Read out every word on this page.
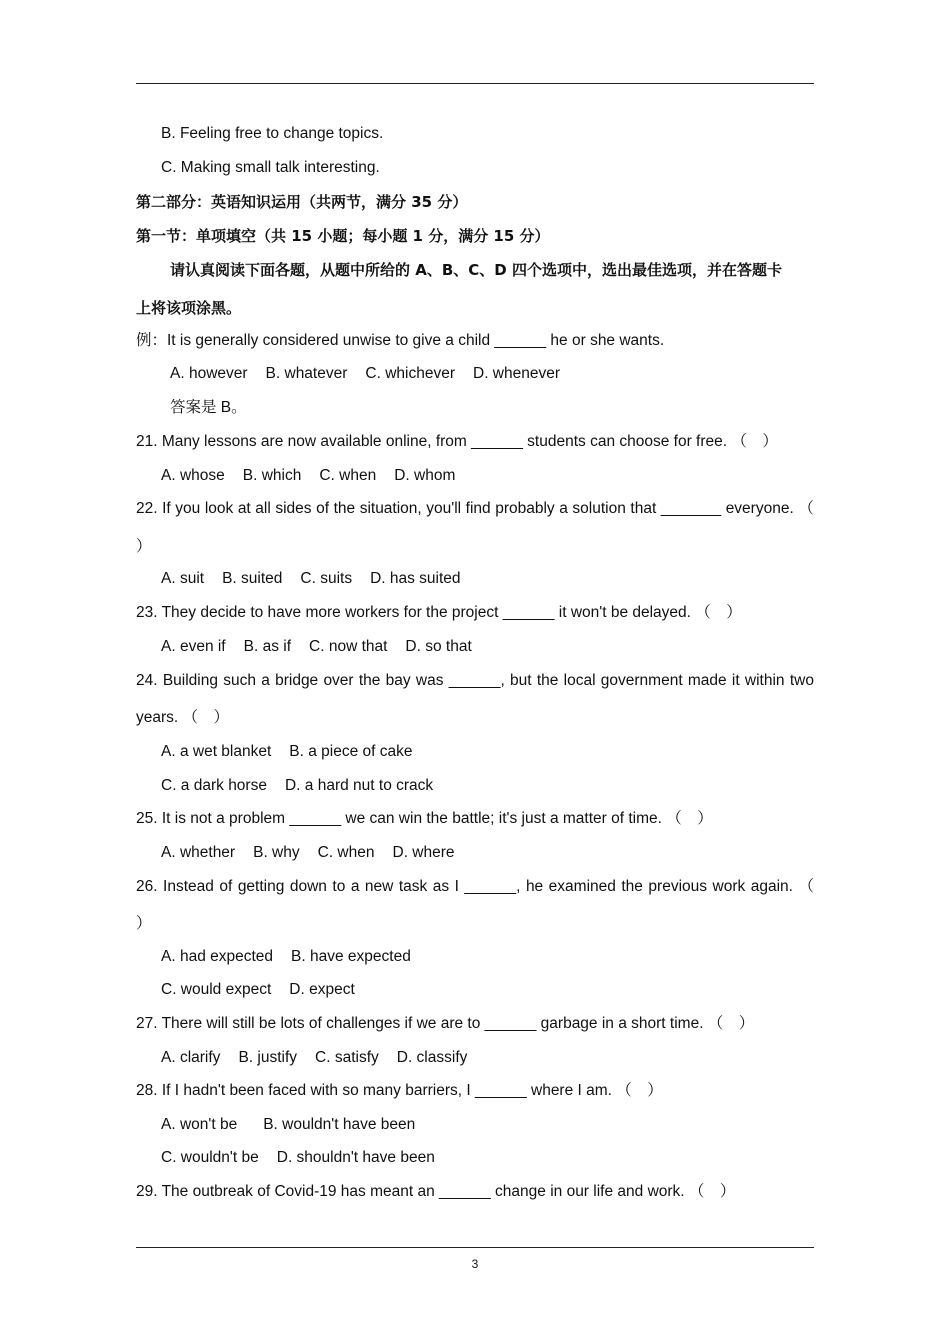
B. Feeling free to change topics.
C. Making small talk interesting.
第二部分：英语知识运用（共两节，满分 35 分）
第一节：单项填空（共 15 小题；每小题 1 分，满分 15 分）
请认真阅读下面各题，从题中所给的 A、B、C、D 四个选项中，选出最佳选项，并在答题卡
上将该项涂黑。
例：It is generally considered unwise to give a child ______ he or she wants.
A. however B. whatever C. whichever D. whenever
答案是 B。
21. Many lessons are now available online, from ______ students can choose for free. （　）
A. whose B. which C. when D. whom
22. If you look at all sides of the situation, you'll find probably a solution that _______ everyone. （
）
A. suit B. suited C. suits D. has suited
23. They decide to have more workers for the project ______ it won't be delayed. （　）
A. even if B. as if C. now that D. so that
24. Building such a bridge over the bay was ______, but the local government made it within two
years. （　）
A. a wet blanket B. a piece of cake
C. a dark horse D. a hard nut to crack
25. It is not a problem ______ we can win the battle; it's just a matter of time. （　）
A. whether B. why C. when D. where
26. Instead of getting down to a new task as I ______, he examined the previous work again. （
）
A. had expected B. have expected
C. would expect D. expect
27. There will still be lots of challenges if we are to ______ garbage in a short time. （　）
A. clarify B. justify C. satisfy D. classify
28. If I hadn't been faced with so many barriers, I ______ where I am. （　）
A. won't be B. wouldn't have been
C. wouldn't be D. shouldn't have been
29. The outbreak of Covid-19 has meant an ______ change in our life and work. （　）
3
